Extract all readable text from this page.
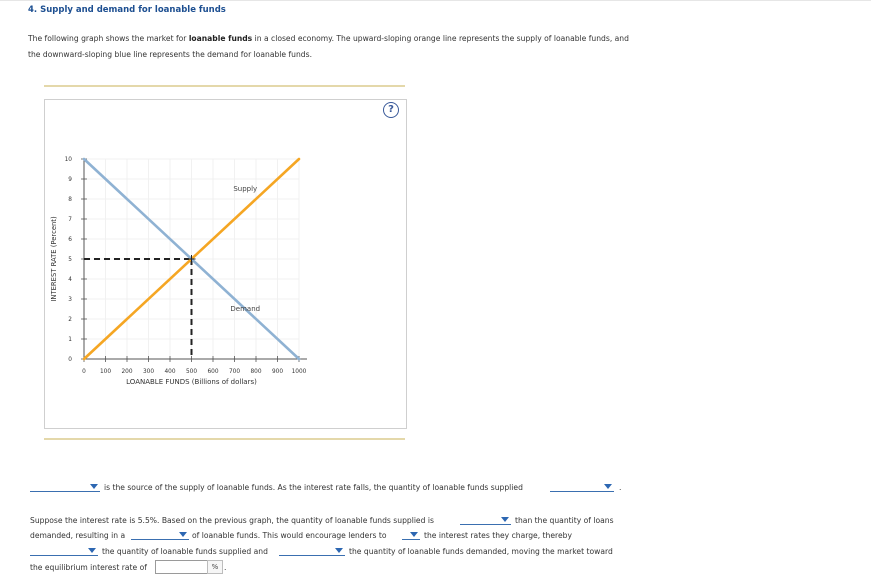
4. Supply and demand for loanable funds
The following graph shows the market for loanable funds in a closed economy. The upward-sloping orange line represents the supply of loanable funds, and the downward-sloping blue line represents the demand for loanable funds.
?
0 100 200 300 400 500 600 700 800 900 1000
0
1
2
3
4
5
6
7
8
9
10
Supply
Demand
LOANABLE FUNDS (Billions of dollars)
INTEREST RATE (Percent)
is the source of the supply of loanable funds. As the interest rate falls, the quantity of loanable funds supplied	.
Suppose the interest rate is 5.5%. Based on the previous graph, the quantity of loanable funds supplied is	than the quantity of loans
demanded, resulting in a	of loanable funds. This would encourage lenders to	the interest rates they charge, thereby
the quantity of loanable funds supplied and	the quantity of loanable funds demanded, moving the market toward
the equilibrium interest rate of	% .
